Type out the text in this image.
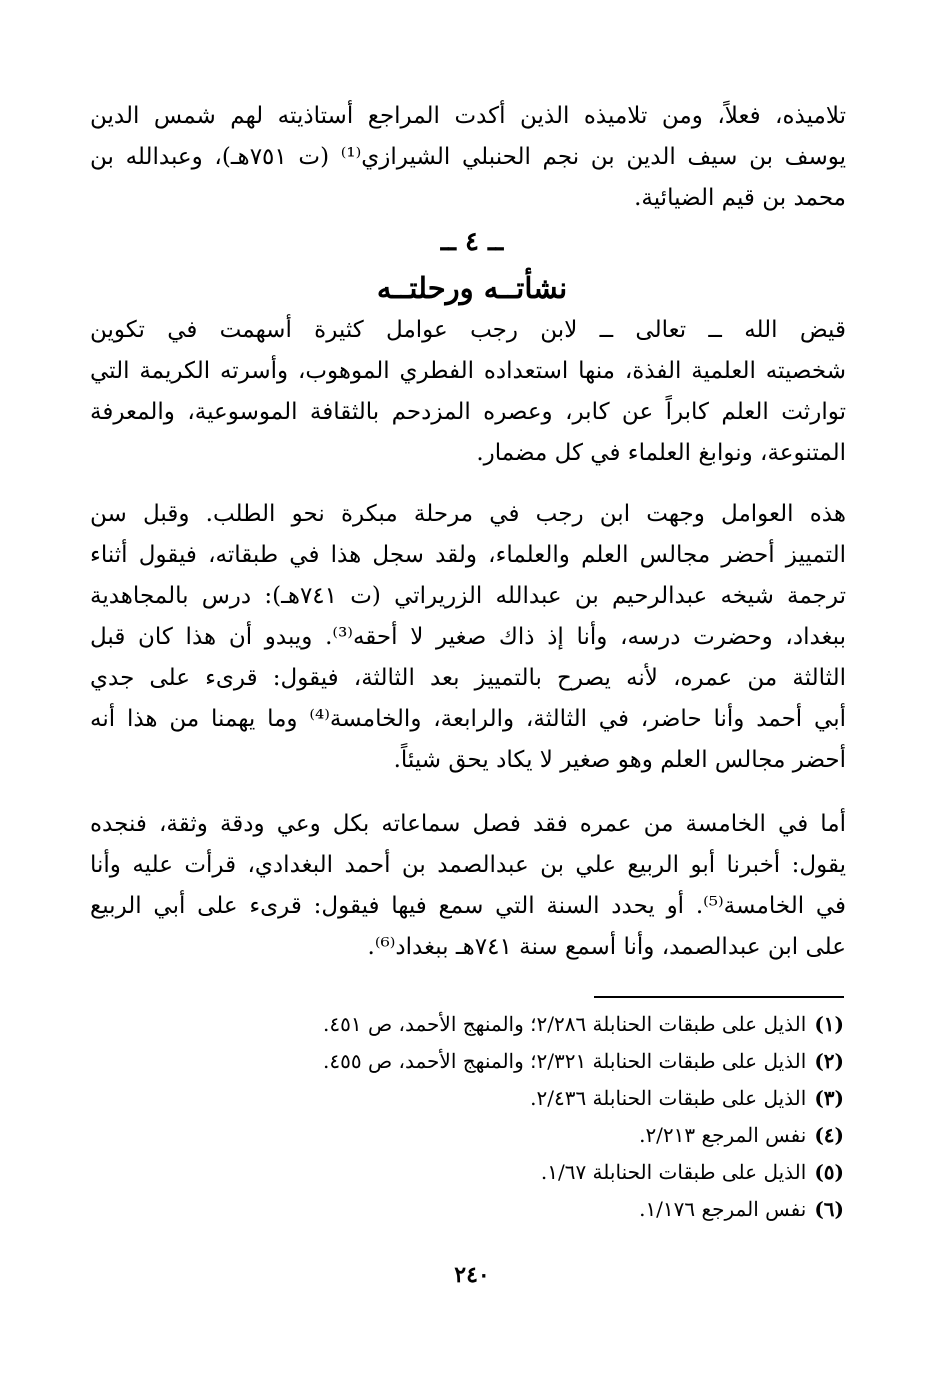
تلاميذه، فعلاً، ومن تلاميذه الذين أكدت المراجع أستاذيته لهم شمس الدين
يوسف بن سيف الدين بن نجم الحنبلي الشيرازي⁽¹⁾ (ت ٧٥١هـ)، وعبدالله بن
محمد بن قيم الضيائية.

ــ ٤ ــ
نشأتــه ورحلتــه

قيض الله ــ تعالى ــ لابن رجب عوامل كثيرة أسهمت في تكوين
شخصيته العلمية الفذة، منها استعداده الفطري الموهوب، وأسرته الكريمة التي
توارثت العلم كابراً عن كابر، وعصره المزدحم بالثقافة الموسوعية، والمعرفة
المتنوعة، ونوابغ العلماء في كل مضمار.

هذه العوامل وجهت ابن رجب في مرحلة مبكرة نحو الطلب. وقبل سن
التمييز أحضر مجالس العلم والعلماء، ولقد سجل هذا في طبقاته، فيقول أثناء
ترجمة شيخه عبدالرحيم بن عبدالله الزريراتي (ت ٧٤١هـ): درس بالمجاهدية
ببغداد، وحضرت درسه، وأنا إذ ذاك صغير لا أحقه⁽³⁾. ويبدو أن هذا كان قبل
الثالثة من عمره، لأنه يصرح بالتمييز بعد الثالثة، فيقول: قرىء على جدي
أبي أحمد وأنا حاضر، في الثالثة، والرابعة، والخامسة⁽⁴⁾ وما يهمنا من هذا أنه
أحضر مجالس العلم وهو صغير لا يكاد يحق شيئاً.

أما في الخامسة من عمره فقد فصل سماعاته بكل وعي ودقة وثقة، فنجده
يقول: أخبرنا أبو الربيع علي بن عبدالصمد بن أحمد البغدادي، قرأت عليه وأنا
في الخامسة⁽⁵⁾. أو يحدد السنة التي سمع فيها فيقول: قرىء على أبي الربيع
على ابن عبدالصمد، وأنا أسمع سنة ٧٤١هـ ببغداد⁽⁶⁾.

(١)الذيل على طبقات الحنابلة ٢/٢٨٦؛ والمنهج الأحمد، ص ٤٥١.
(٢)الذيل على طبقات الحنابلة ٢/٣٢١؛ والمنهج الأحمد، ص ٤٥٥.
(٣)الذيل على طبقات الحنابلة ٢/٤٣٦.
(٤)نفس المرجع ٢/٢١٣.
(٥)الذيل على طبقات الحنابلة ١/٦٧.
(٦)نفس المرجع ١/١٧٦.
٢٤٠
